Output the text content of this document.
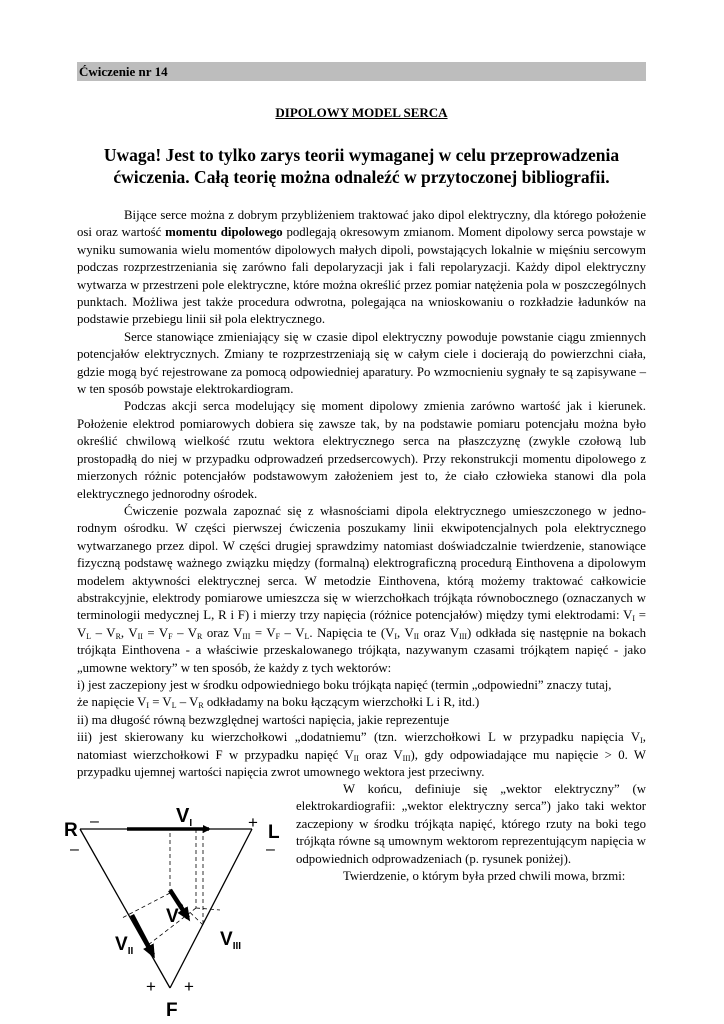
Ćwiczenie nr 14
DIPOLOWY MODEL SERCA
Uwaga! Jest to tylko zarys teorii wymaganej w celu przeprowadzenia ćwiczenia. Całą teorię można odnaleźć w przytoczonej bibliografii.

Bijące serce można z dobrym przybliżeniem traktować jako dipol elektryczny, dla którego położenie osi oraz wartość momentu dipolowego podlegają okresowym zmianom. Moment dipolowy serca powstaje w wyniku sumowania wielu momentów dipolowych małych dipoli, powstających lokalnie w mięśniu sercowym podczas rozprzestrzeniania się zarówno fali depolaryzacji jak i fali repolaryzacji. Każdy dipol elektryczny wytwarza w przestrzeni pole elektryczne, które można określić przez pomiar natężenia pola w poszczególnych punktach. Możliwa jest także procedura odwrotna, polegająca na wnioskowaniu o rozkładzie ładunków na podstawie przebiegu linii sił pola elektrycznego.

Serce stanowiące zmieniający się w czasie dipol elektryczny powoduje powstanie ciągu zmiennych potencjałów elektrycznych. Zmiany te rozprzestrzeniają się w całym ciele i docierają do powierzchni ciała, gdzie mogą być rejestrowane za pomocą odpowiedniej aparatury. Po wzmocnieniu sygnały te są zapisywane – w ten sposób powstaje elektrokardiogram.

Podczas akcji serca modelujący się moment dipolowy zmienia zarówno wartość jak i kierunek. Położenie elektrod pomiarowych dobiera się zawsze tak, by na podstawie pomiaru potencjału można było określić chwilową wielkość rzutu wektora elektrycznego serca na płaszczyznę (zwykle czołową lub prostopadłą do niej w przypadku odprowadzeń przedsercowych). Przy rekonstrukcji momentu dipolowego z mierzonych różnic potencjałów podstawowym założeniem jest to, że ciało człowieka stanowi dla pola elektrycznego jednorodny ośrodek.

Ćwiczenie pozwala zapoznać się z własnościami dipola elektrycznego umieszczonego w jednorodnym ośrodku. W części pierwszej ćwiczenia poszukamy linii ekwipotencjalnych pola elektrycznego wytwarzanego przez dipol. W części drugiej sprawdzimy natomiast doświadczalnie twierdzenie, stanowiące fizyczną podstawę ważnego związku między (formalną) elektrograficzną procedurą Einthovena a dipolowym modelem aktywności elektrycznej serca. W metodzie Einthovena, którą możemy traktować całkowicie abstrakcyjnie, elektrody pomiarowe umieszcza się w wierzchołkach trójkąta równobocznego (oznaczanych w terminologii medycznej L, R i F) i mierzy trzy napięcia (różnice potencjałów) między tymi elektrodami: $V_I = V_L - V_R$, $V_{II} = V_F - V_R$ oraz $V_{III} = V_F - V_L$. Napięcia te ($V_I$, $V_{II}$ oraz $V_{III}$) odkłada się następnie na bokach trójkąta Einthovena - a właściwie przeskalowanego trójkąta, nazywanym czasami trójkątem napięć - jako „umowne wektory” w ten sposób, że każdy z tych wektorów:

i) jest zaczepiony jest w środku odpowiedniego boku trójkąta napięć (termin „odpowiedni” znaczy tutaj,

że napięcie $V_I = V_L - V_R$ odkładamy na boku łączącym wierzchołki L i R, itd.)

ii) ma długość równą bezwzględnej wartości napięcia, jakie reprezentuje

iii) jest skierowany ku wierzchołkowi „dodatniemu” (tzn. wierzchołkowi L w przypadku napięcia $V_I$, natomiast wierzchołkowi F w przypadku napięć $V_{II}$ oraz $V_{III}$), gdy odpowiadające mu napięcie > 0. W przypadku ujemnej wartości napięcia zwrot umownego wektora jest przeciwny.

W końcu, definiuje się „wektor elektryczny” (w elektrokardiografii: „wektor elektryczny serca”) jako taki wektor zaczepiony w środku trójkąta napięć, którego rzuty na boki tego trójkąta równe są umownym wektorom reprezentującym napięcia w odpowiednich odprowadzeniach (p. rysunek poniżej).

Twierdzenie, o którym była przed chwili mowa, brzmi:

R	L
F
$V_I$
V
$V_{II}$
$V_{III}$
–
–
+
–
+ +
